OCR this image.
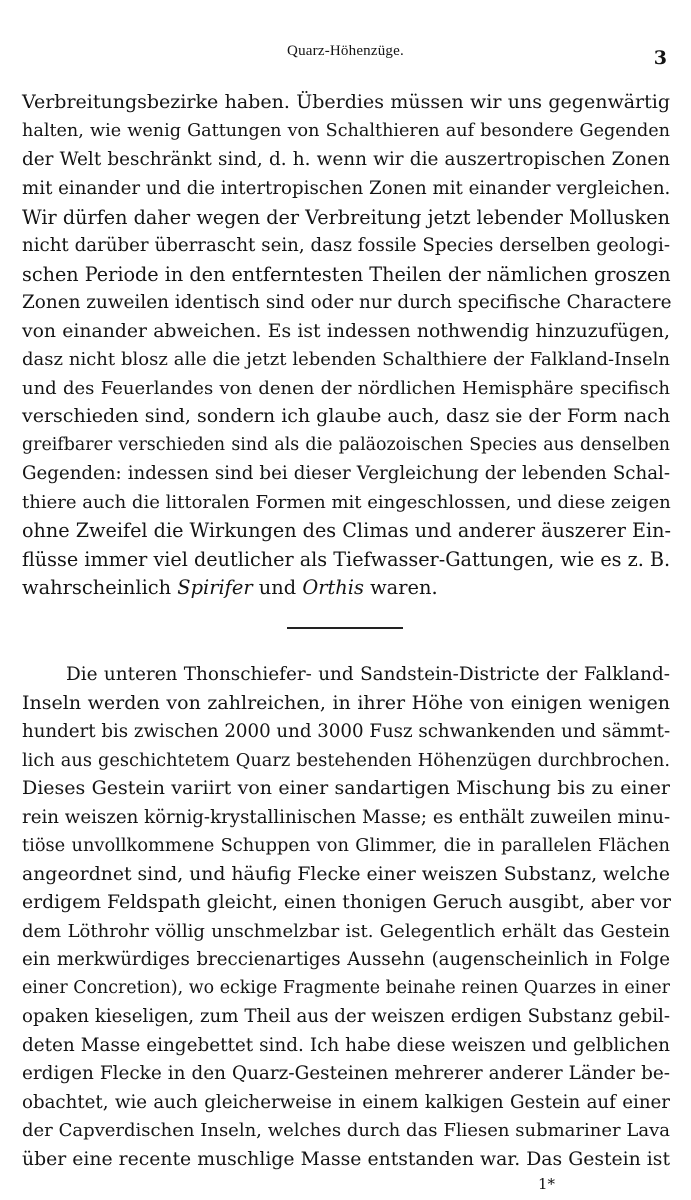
Quarz-Höhenzüge.	3
Verbreitungsbezirke haben. Überdies müssen wir uns gegenwärtig
halten, wie wenig Gattungen von Schalthieren auf besondere Gegenden
der Welt beschränkt sind, d. h. wenn wir die auszertropischen Zonen
mit einander und die intertropischen Zonen mit einander vergleichen.
Wir dürfen daher wegen der Verbreitung jetzt lebender Mollusken
nicht darüber überrascht sein, dasz fossile Species derselben geologi-
schen Periode in den entferntesten Theilen der nämlichen groszen
Zonen zuweilen identisch sind oder nur durch specifische Charactere
von einander abweichen. Es ist indessen nothwendig hinzuzufügen,
dasz nicht blosz alle die jetzt lebenden Schalthiere der Falkland-Inseln
und des Feuerlandes von denen der nördlichen Hemisphäre specifisch
verschieden sind, sondern ich glaube auch, dasz sie der Form nach
greifbarer verschieden sind als die paläozoischen Species aus denselben
Gegenden: indessen sind bei dieser Vergleichung der lebenden Schal-
thiere auch die littoralen Formen mit eingeschlossen, und diese zeigen
ohne Zweifel die Wirkungen des Climas und anderer äuszerer Ein-
flüsse immer viel deutlicher als Tiefwasser-Gattungen, wie es z. B.
wahrscheinlich Spirifer und Orthis waren.
Die unteren Thonschiefer- und Sandstein-Districte der Falkland-
Inseln werden von zahlreichen, in ihrer Höhe von einigen wenigen
hundert bis zwischen 2000 und 3000 Fusz schwankenden und sämmt-
lich aus geschichtetem Quarz bestehenden Höhenzügen durchbrochen.
Dieses Gestein variirt von einer sandartigen Mischung bis zu einer
rein weiszen körnig-krystallinischen Masse; es enthält zuweilen minu-
tiöse unvollkommene Schuppen von Glimmer, die in parallelen Flächen
angeordnet sind, und häufig Flecke einer weiszen Substanz, welche
erdigem Feldspath gleicht, einen thonigen Geruch ausgibt, aber vor
dem Löthrohr völlig unschmelzbar ist. Gelegentlich erhält das Gestein
ein merkwürdiges breccienartiges Aussehn (augenscheinlich in Folge
einer Concretion), wo eckige Fragmente beinahe reinen Quarzes in einer
opaken kieseligen, zum Theil aus der weiszen erdigen Substanz gebil-
deten Masse eingebettet sind. Ich habe diese weiszen und gelblichen
erdigen Flecke in den Quarz-Gesteinen mehrerer anderer Länder be-
obachtet, wie auch gleicherweise in einem kalkigen Gestein auf einer
der Capverdischen Inseln, welches durch das Fliesen submariner Lava
über eine recente muschlige Masse entstanden war. Das Gestein ist
1*
